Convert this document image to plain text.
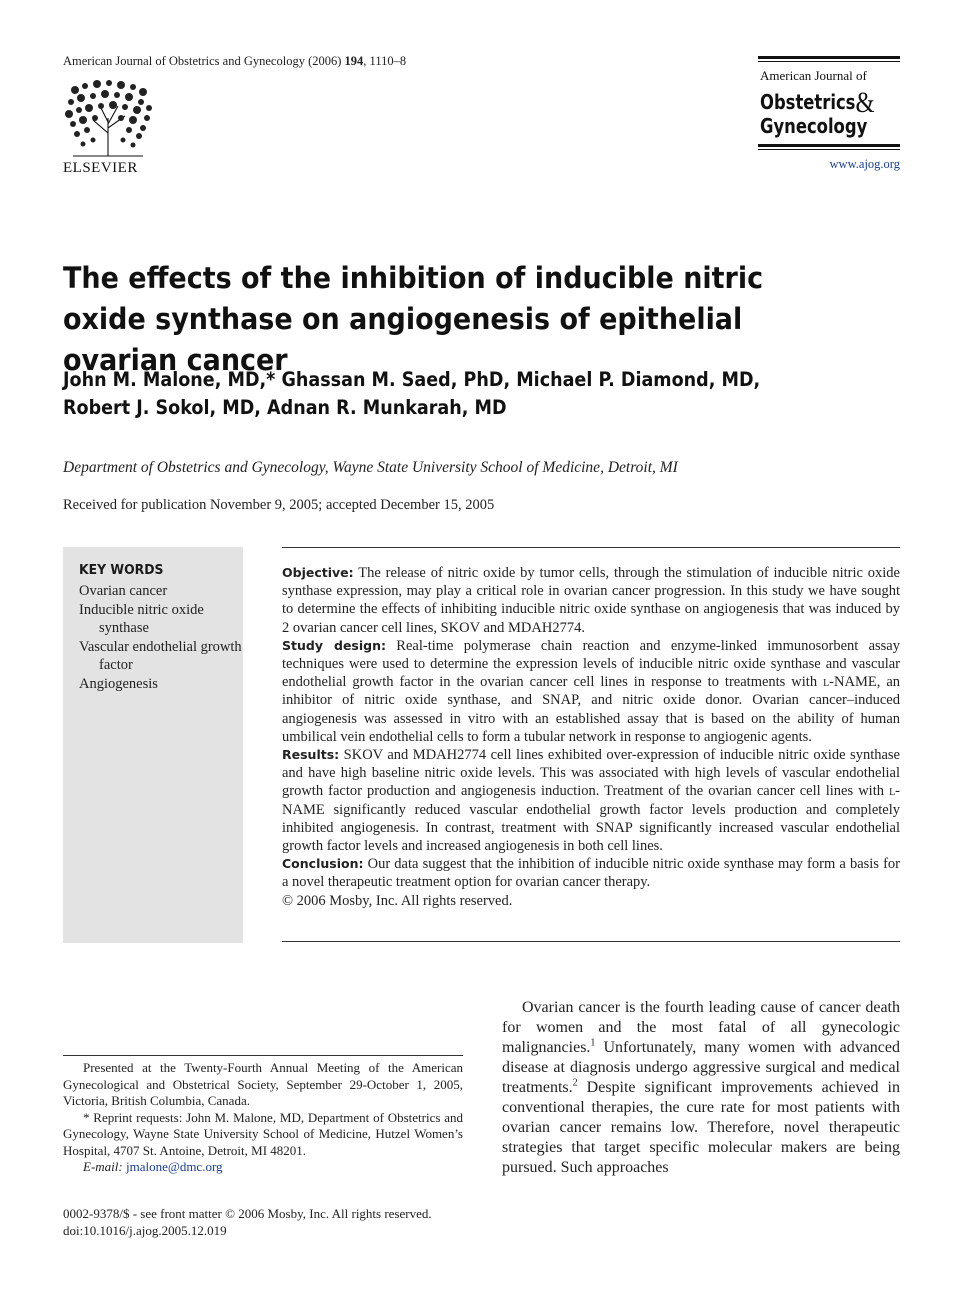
American Journal of Obstetrics and Gynecology (2006) 194, 1110–8
ELSEVIER
American Journal of
Obstetrics&
Gynecology
www.ajog.org
The effects of the inhibition of inducible nitric oxide synthase on angiogenesis of epithelial ovarian cancer
John M. Malone, MD,* Ghassan M. Saed, PhD, Michael P. Diamond, MD,
Robert J. Sokol, MD, Adnan R. Munkarah, MD
Department of Obstetrics and Gynecology, Wayne State University School of Medicine, Detroit, MI
Received for publication November 9, 2005; accepted December 15, 2005
KEY WORDS
Ovarian cancer
Inducible nitric oxide synthase
Vascular endothelial growth factor
Angiogenesis

Objective: The release of nitric oxide by tumor cells, through the stimulation of inducible nitric oxide synthase expression, may play a critical role in ovarian cancer progression. In this study we have sought to determine the effects of inhibiting inducible nitric oxide synthase on angiogenesis that was induced by 2 ovarian cancer cell lines, SKOV and MDAH2774.

Study design: Real-time polymerase chain reaction and enzyme-linked immunosorbent assay techniques were used to determine the expression levels of inducible nitric oxide synthase and vascular endothelial growth factor in the ovarian cancer cell lines in response to treatments with l-NAME, an inhibitor of nitric oxide synthase, and SNAP, and nitric oxide donor. Ovarian cancer–induced angiogenesis was assessed in vitro with an established assay that is based on the ability of human umbilical vein endothelial cells to form a tubular network in response to angiogenic agents.

Results: SKOV and MDAH2774 cell lines exhibited over-expression of inducible nitric oxide synthase and have high baseline nitric oxide levels. This was associated with high levels of vascular endothelial growth factor production and angiogenesis induction. Treatment of the ovarian cancer cell lines with l-NAME significantly reduced vascular endothelial growth factor levels production and completely inhibited angiogenesis. In contrast, treatment with SNAP significantly increased vascular endothelial growth factor levels and increased angiogenesis in both cell lines.

Conclusion: Our data suggest that the inhibition of inducible nitric oxide synthase may form a basis for a novel therapeutic treatment option for ovarian cancer therapy.

© 2006 Mosby, Inc. All rights reserved.

Presented at the Twenty-Fourth Annual Meeting of the American Gynecological and Obstetrical Society, September 29-October 1, 2005, Victoria, British Columbia, Canada.

* Reprint requests: John M. Malone, MD, Department of Obstetrics and Gynecology, Wayne State University School of Medicine, Hutzel Women’s Hospital, 4707 St. Antoine, Detroit, MI 48201.

E-mail: jmalone@dmc.org

0002-9378/$ - see front matter © 2006 Mosby, Inc. All rights reserved.
doi:10.1016/j.ajog.2005.12.019

Ovarian cancer is the fourth leading cause of cancer death for women and the most fatal of all gynecologic malignancies.$^1$ Unfortunately, many women with advanced disease at diagnosis undergo aggressive surgical and medical treatments.$^2$ Despite significant improvements achieved in conventional therapies, the cure rate for most patients with ovarian cancer remains low. Therefore, novel therapeutic strategies that target specific molecular makers are being pursued. Such approaches
